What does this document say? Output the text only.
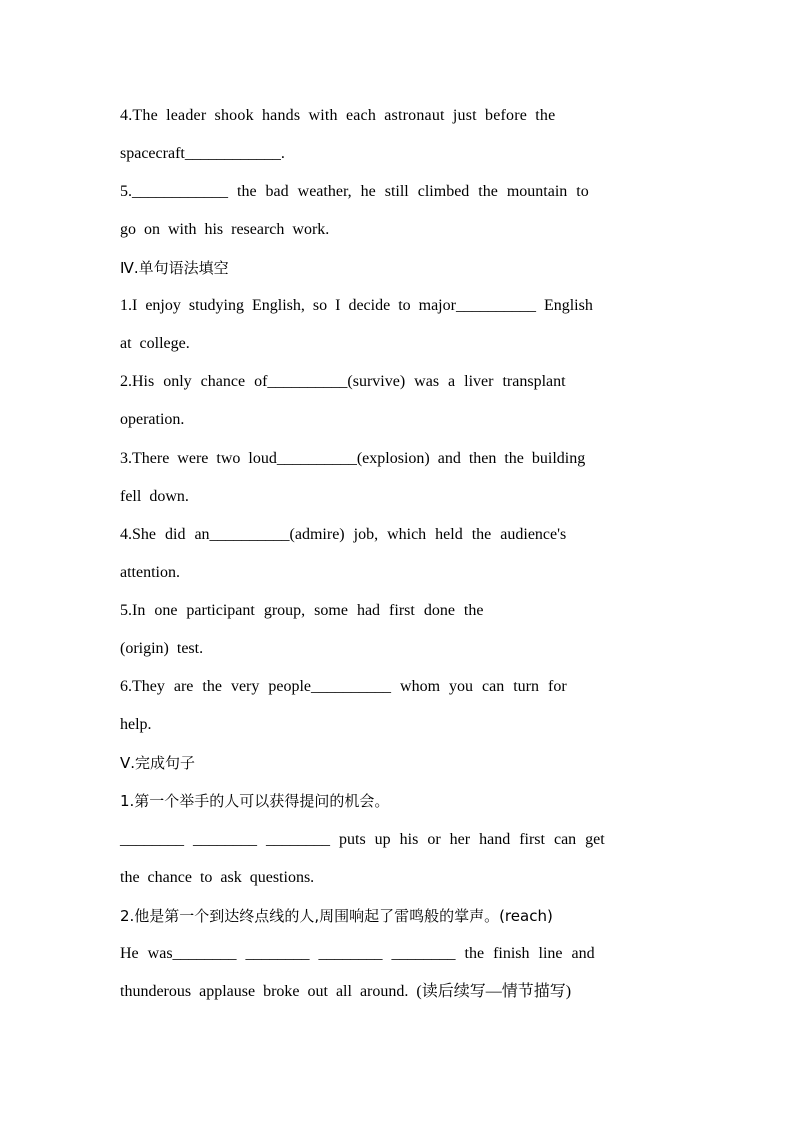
4.The leader shook hands with each astronaut just before the
spacecraft____________.
5.____________ the bad weather, he still climbed the mountain to
go on with his research work.
Ⅳ.单句语法填空
1.I enjoy studying English, so I decide to major__________ English
at college.
2.His only chance of__________(survive) was a liver transplant
operation.
3.There were two loud__________(explosion) and then the building
fell down.
4.She did an__________(admire) job, which held the audience's
attention.
5.In one participant group, some had first done the
(origin) test.
6.They are the very people__________ whom you can turn for
help.
Ⅴ.完成句子
1.第一个举手的人可以获得提问的机会。
________ ________ ________ puts up his or her hand first can get
the chance to ask questions.
2.他是第一个到达终点线的人,周围响起了雷鸣般的掌声。(reach)
He was________ ________ ________ ________ the finish line and
thunderous applause broke out all around. (读后续写—情节描写)
